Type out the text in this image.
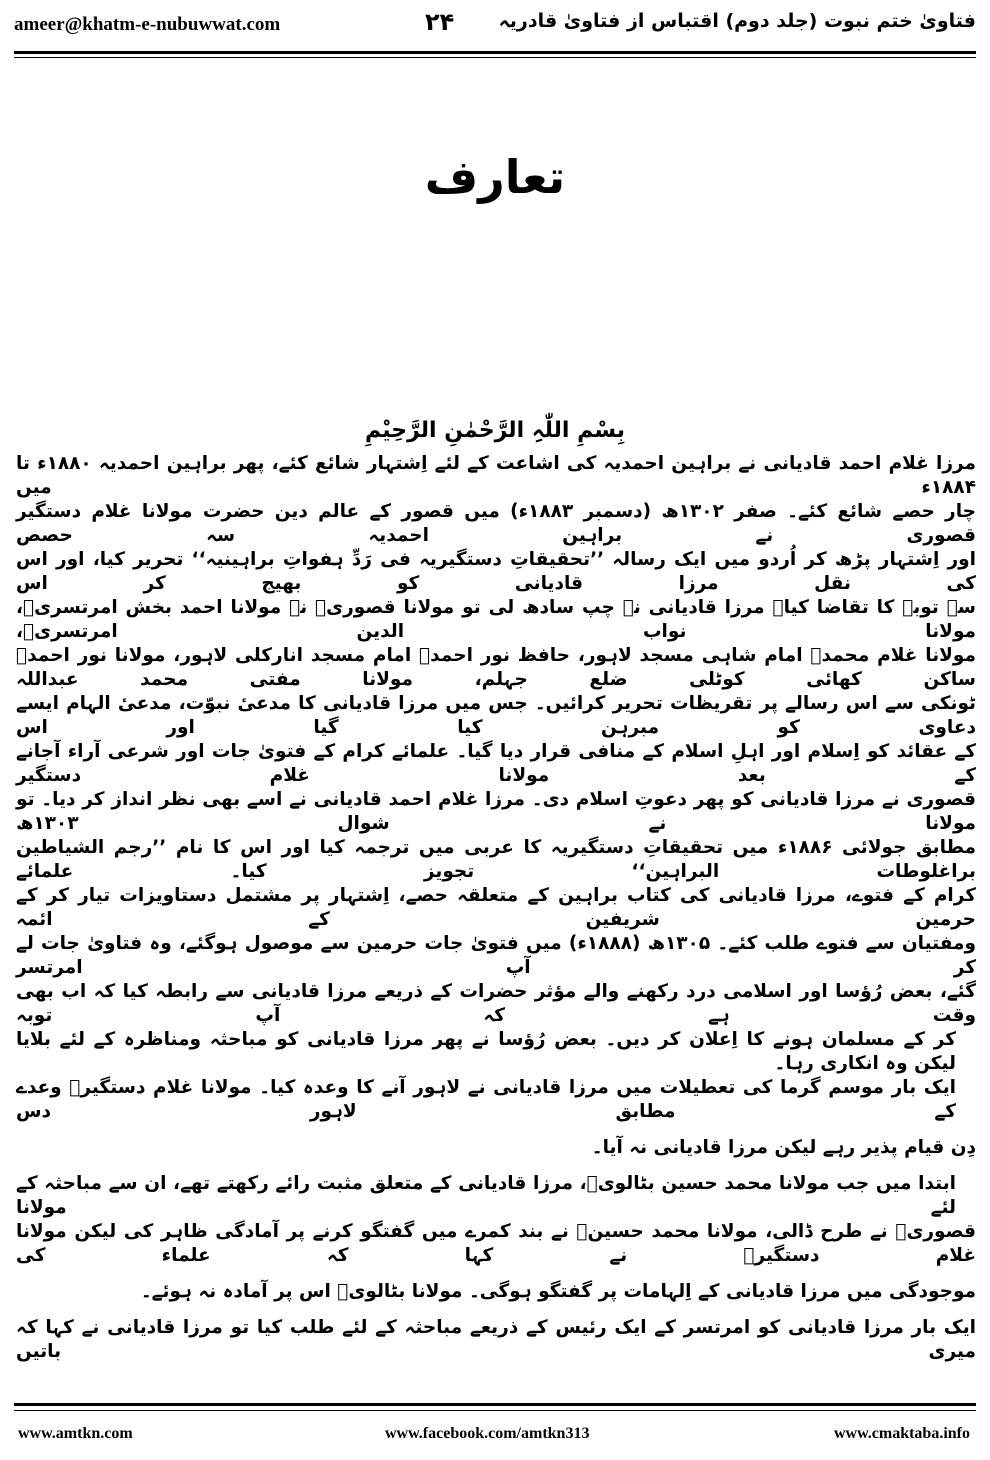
ameer@khatm-e-nubuwwat.com	۲۴	فتاویٰ ختم نبوت (جلد دوم) اقتباس از فتاویٰ قادریہ
تعارف
بِسْمِ اللّٰہِ الرَّحْمٰنِ الرَّحِیْمِ
مرزا غلام احمد قادیانی نے براہین احمدیہ کی اشاعت کے لئے اِشتہار شائع کئے، پھر براہین احمدیہ ۱۸۸۰ء تا ۱۸۸۴ء میں
چار حصے شائع کئے۔ صفر ۱۳۰۲ھ (دسمبر ۱۸۸۳ء) میں قصور کے عالم دین حضرت مولانا غلام دستگیر قصوری نے براہین احمدیہ سہ حصص
اور اِشتہار پڑھ کر اُردو میں ایک رسالہ ’’تحقیقاتِ دستگیریہ فی رَدِّ ہفواتِ براہینیہ‘‘ تحریر کیا، اور اس کی نقل مرزا قادیانی کو بھیج کر اس
سے توبہ کا تقاضا کیا۔ مرزا قادیانی نے چپ سادھ لی تو مولانا قصوریؒ نے مولانا احمد بخش امرتسریؒ، مولانا نواب الدین امرتسریؒ،
مولانا غلام محمدؒ امام شاہی مسجد لاہور، حافظ نور احمدؒ امام مسجد انارکلی لاہور، مولانا نور احمدؒ ساکن کھائی کوٹلی ضلع جہلم، مولانا مفتی محمد عبداللہ
ٹونکی سے اس رسالے پر تقریظات تحریر کرائیں۔ جس میں مرزا قادیانی کا مدعیٔ نبوّت، مدعیٔ الہام ایسے دعاوی کو مبرہن کیا گیا اور اس
کے عقائد کو اِسلام اور اہلِ اسلام کے منافی قرار دیا گیا۔ علمائے کرام کے فتویٰ جات اور شرعی آراء آجانے کے بعد مولانا غلام دستگیر
قصوری نے مرزا قادیانی کو پھر دعوتِ اسلام دی۔ مرزا غلام احمد قادیانی نے اسے بھی نظر انداز کر دیا۔ تو مولانا نے شوال ۱۳۰۳ھ
مطابق جولائی ۱۸۸۶ء میں تحقیقاتِ دستگیریہ کا عربی میں ترجمہ کیا اور اس کا نام ’’رجم الشیاطین براغلوطات البراہین‘‘ تجویز کیا۔ علمائے
کرام کے فتوے، مرزا قادیانی کی کتاب براہین کے متعلقہ حصے، اِشتہار پر مشتمل دستاویزات تیار کر کے حرمین شریفین کے ائمہ
ومفتیان سے فتوے طلب کئے۔ ۱۳۰۵ھ (۱۸۸۸ء) میں فتویٰ جات حرمین سے موصول ہوگئے، وہ فتاویٰ جات لے کر آپ امرتسر
گئے، بعض رُؤسا اور اسلامی درد رکھنے والے مؤثر حضرات کے ذریعے مرزا قادیانی سے رابطہ کیا کہ اب بھی وقت ہے کہ آپ توبہ
کر کے مسلمان ہونے کا اِعلان کر دیں۔ بعض رُؤسا نے پھر مرزا قادیانی کو مباحثہ ومناظرہ کے لئے بلایا لیکن وہ انکاری رہا۔
ایک بار موسم گرما کی تعطیلات میں مرزا قادیانی نے لاہور آنے کا وعدہ کیا۔ مولانا غلام دستگیرؒ وعدے کے مطابق لاہور دس
دِن قیام پذیر رہے لیکن مرزا قادیانی نہ آیا۔
ابتدا میں جب مولانا محمد حسین بٹالویؒ، مرزا قادیانی کے متعلق مثبت رائے رکھتے تھے، ان سے مباحثہ کے لئے مولانا
قصوریؒ نے طرح ڈالی، مولانا محمد حسینؒ نے بند کمرے میں گفتگو کرنے پر آمادگی ظاہر کی لیکن مولانا غلام دستگیرؒ نے کہا کہ علماء کی
موجودگی میں مرزا قادیانی کے اِلہامات پر گفتگو ہوگی۔ مولانا بٹالویؒ اس پر آمادہ نہ ہوئے۔
ایک بار مرزا قادیانی کو امرتسر کے ایک رئیس کے ذریعے مباحثہ کے لئے طلب کیا تو مرزا قادیانی نے کہا کہ میری باتیں
www.amtkn.com	www.facebook.com/amtkn313	www.cmaktaba.info
